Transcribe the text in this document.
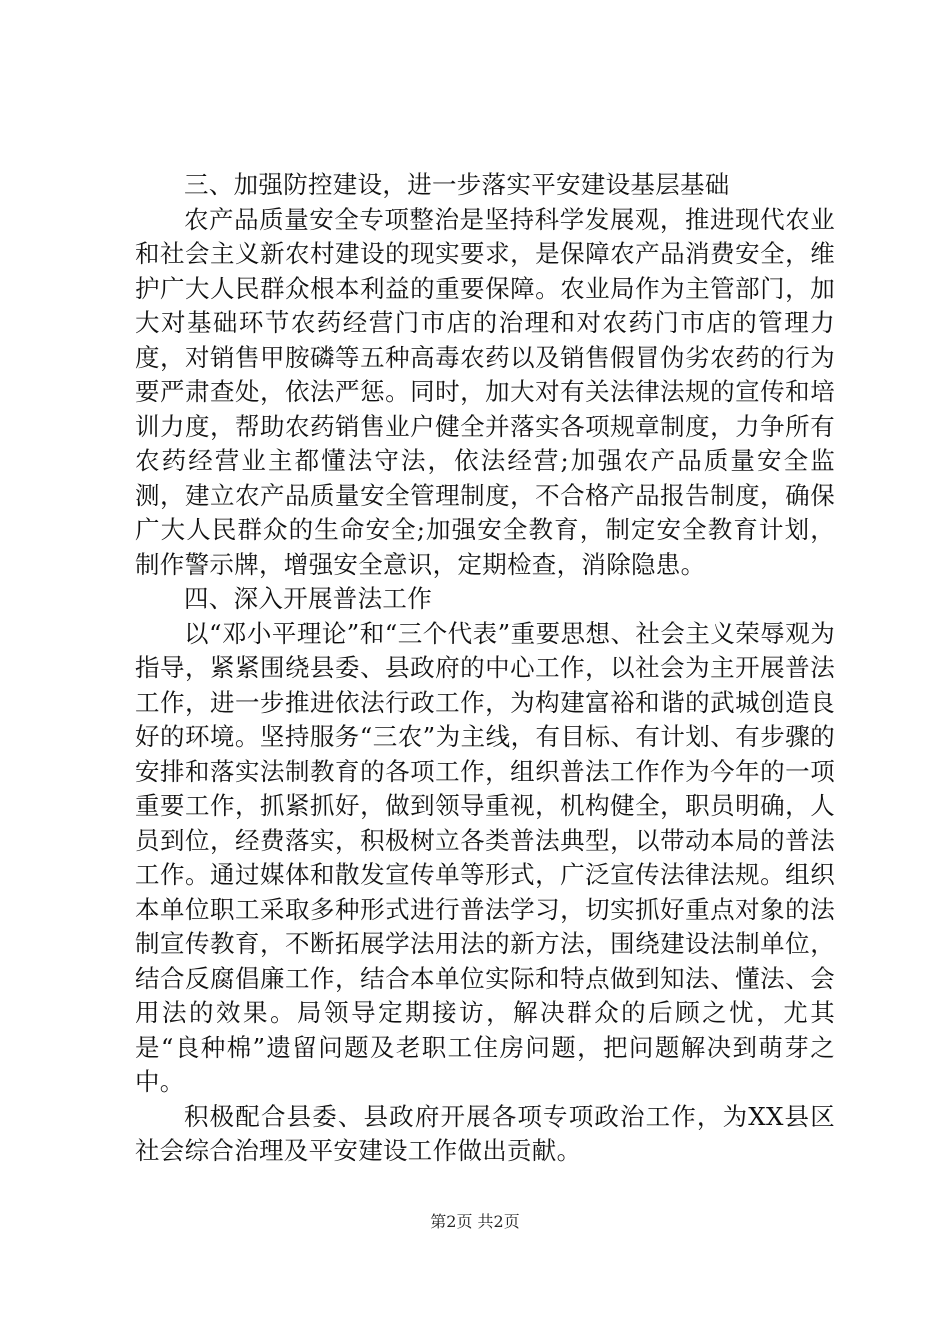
三、加强防控建设，进一步落实平安建设基层基础

农产品质量安全专项整治是坚持科学发展观，推进现代农业和社会主义新农村建设的现实要求，是保障农产品消费安全，维护广大人民群众根本利益的重要保障。农业局作为主管部门，加大对基础环节农药经营门市店的治理和对农药门市店的管理力度，对销售甲胺磷等五种高毒农药以及销售假冒伪劣农药的行为要严肃查处，依法严惩。同时，加大对有关法律法规的宣传和培训力度，帮助农药销售业户健全并落实各项规章制度，力争所有农药经营业主都懂法守法，依法经营;加强农产品质量安全监测，建立农产品质量安全管理制度，不合格产品报告制度，确保广大人民群众的生命安全;加强安全教育，制定安全教育计划，制作警示牌，增强安全意识，定期检查，消除隐患。

四、深入开展普法工作

以“邓小平理论”和“三个代表”重要思想、社会主义荣辱观为指导，紧紧围绕县委、县政府的中心工作，以社会为主开展普法工作，进一步推进依法行政工作，为构建富裕和谐的武城创造良好的环境。坚持服务“三农”为主线，有目标、有计划、有步骤的安排和落实法制教育的各项工作，组织普法工作作为今年的一项重要工作，抓紧抓好，做到领导重视，机构健全，职员明确，人员到位，经费落实，积极树立各类普法典型，以带动本局的普法工作。通过媒体和散发宣传单等形式，广泛宣传法律法规。组织本单位职工采取多种形式进行普法学习，切实抓好重点对象的法制宣传教育，不断拓展学法用法的新方法，围绕建设法制单位，结合反腐倡廉工作，结合本单位实际和特点做到知法、懂法、会用法的效果。局领导定期接访，解决群众的后顾之忧，尤其是“良种棉”遗留问题及老职工住房问题，把问题解决到萌芽之中。

积极配合县委、县政府开展各项专项政治工作，为XX县区社会综合治理及平安建设工作做出贡献。

第2页 共2页
